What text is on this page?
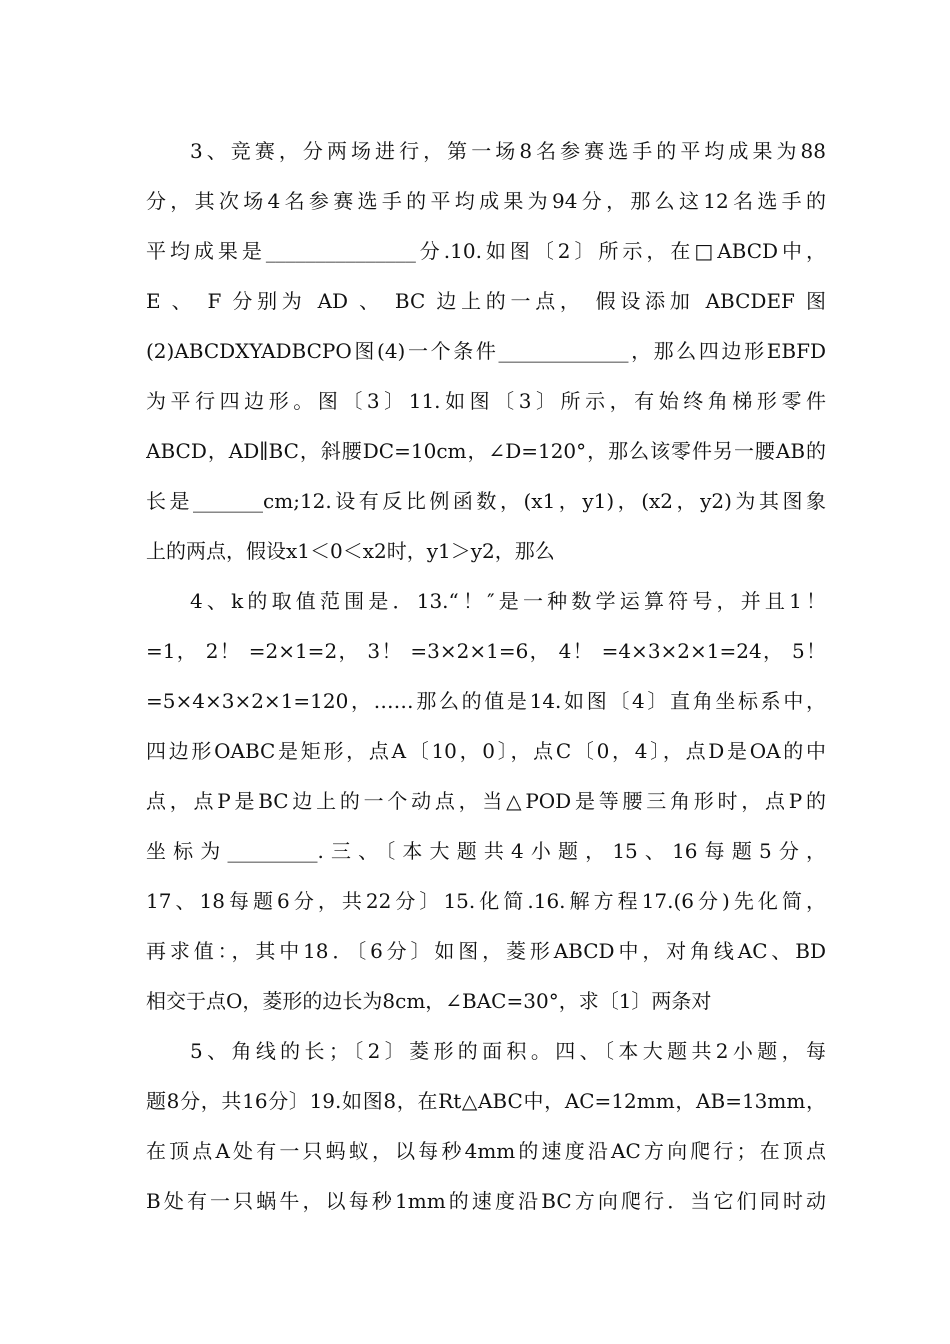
3、竞赛，分两场进行，第一场8名参赛选手的平均成果为88
分，其次场4名参赛选手的平均成果为94分，那么这12名选手的
平均成果是_______________分.10.如图〔2〕所示，在□ABCD中，
E 、 F 分别为 AD 、 BC 边上的一点， 假设添加 ABCDEF 图
(2)ABCDXYADBCPO图(4)一个条件_____________，那么四边形EBFD
为平行四边形。图〔3〕11.如图〔3〕所示，有始终角梯形零件
ABCD，AD∥BC，斜腰DC=10cm，∠D=120°，那么该零件另一腰AB的
长是_______cm;12.设有反比例函数，(x1，y1)，(x2，y2)为其图象
上的两点，假设x1＜0＜x2时，y1＞y2，那么
4、k的取值范围是．13.“！″是一种数学运算符号，并且1！
=1， 2！ =2×1=2， 3！ =3×2×1=6， 4！ =4×3×2×1=24， 5！
=5×4×3×2×1=120，……那么的值是14.如图〔4〕直角坐标系中，
四边形OABC是矩形，点A〔10，0〕，点C〔0，4〕，点D是OA的中
点，点P是BC边上的一个动点，当△POD是等腰三角形时，点P的
坐标为_________.三、〔本大题共4小题，15、16每题5分，
17、18每题6分，共22分〕15.化简.16.解方程17.(6分)先化简，
再求值：，其中18．〔6分〕如图，菱形ABCD中，对角线AC、BD
相交于点O，菱形的边长为8cm，∠BAC=30°，求〔1〕两条对
5、角线的长；〔2〕菱形的面积。四、〔本大题共2小题，每
题8分，共16分〕19.如图8，在Rt△ABC中，AC=12mm，AB=13mm，
在顶点A处有一只蚂蚁，以每秒4mm的速度沿AC方向爬行；在顶点
B处有一只蜗牛，以每秒1mm的速度沿BC方向爬行．当它们同时动
